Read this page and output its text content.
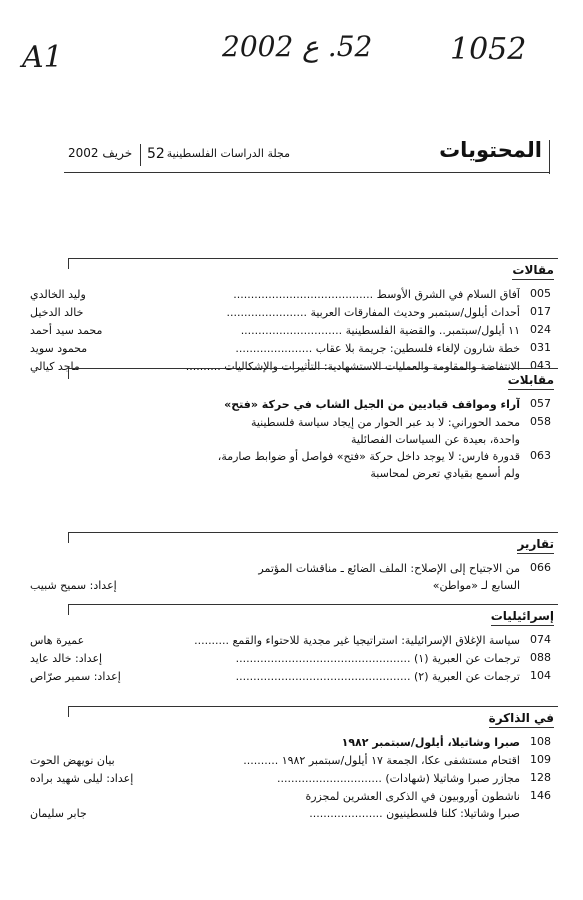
A1	52. ع 2002	1052
المحتويات
مجلة الدراسات الفلسطينية
52
خريف 2002
مقالات
005
آفاق السلام في الشرق الأوسط ........................................
وليد الخالدي
017
أحداث أيلول/سبتمبر وحديث المفارقات العربية .......................
خالد الدخيل
024
١١ أيلول/سبتمبر.. والقضية الفلسطينية .............................
محمد سيد أحمد
031
خطة شارون لإلغاء فلسطين: جريمة بلا عقاب ......................
محمود سويد
043
الانتفاضة والمقاومة والعمليات الاستشهادية: التأثيرات والإشكاليات ..........
ماجد كيالي
مقابلات
057
آراء ومواقف قياديين من الجيل الشاب في حركة «فتح»
058
محمد الحوراني: لا بد عبر الحوار من إيجاد سياسة فلسطينية
واحدة، بعيدة عن السياسات الفصائلية
063
قدورة فارس: لا يوجد داخل حركة «فتح» فواصل أو ضوابط صارمة،
ولم أسمع بقيادي تعرض لمحاسبة
تقارير
066
من الاجتياح إلى الإصلاح: الملف الضائع ـ مناقشات المؤتمر
السابع لـ «مواطن»
إعداد: سميح شبيب
إسرائيليات
074
سياسة الإغلاق الإسرائيلية: استراتيجيا غير مجدية للاحتواء والقمع ..........
عميرة هاس
088
ترجمات عن العبرية (١) ..................................................
إعداد: خالد عايد
104
ترجمات عن العبرية (٢) ..................................................
إعداد: سمير صرّاص
في الذاكرة
108
صبرا وشاتيلا، أيلول/سبتمبر ١٩٨٢
109
اقتحام مستشفى عكا، الجمعة ١٧ أيلول/سبتمبر ١٩٨٢ ..........
بيان نويهض الحوت
128
مجازر صبرا وشاتيلا (شهادات) ..............................
إعداد: ليلى شهيد براده
146
ناشطون أوروبيون في الذكرى العشرين لمجزرة
صبرا وشاتيلا: كلنا فلسطينيون .....................
جابر سليمان
